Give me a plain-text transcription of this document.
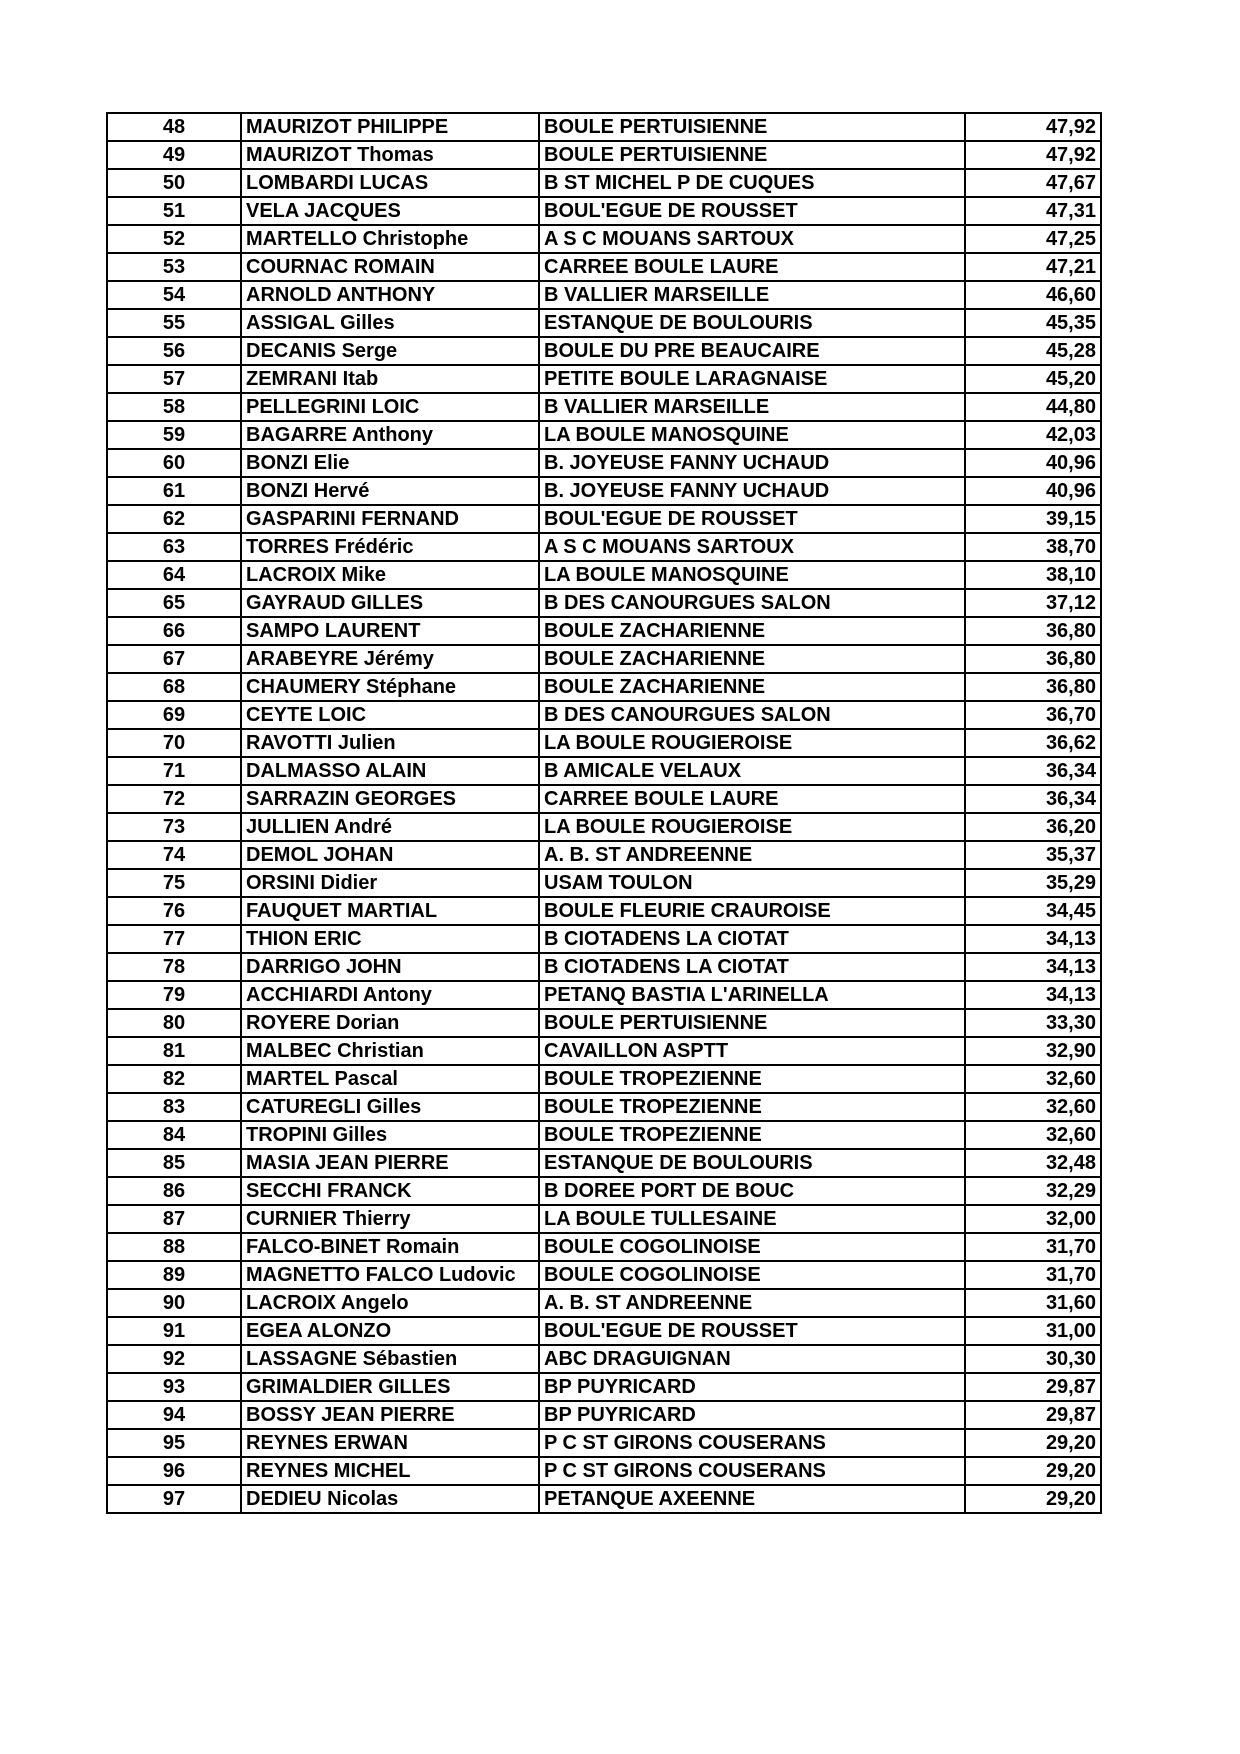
48	MAURIZOT PHILIPPE	BOULE PERTUISIENNE	47,92
49	MAURIZOT Thomas	BOULE PERTUISIENNE	47,92
50	LOMBARDI LUCAS	B ST MICHEL P DE CUQUES	47,67
51	VELA JACQUES	BOUL'EGUE DE ROUSSET	47,31
52	MARTELLO Christophe	A S C MOUANS SARTOUX	47,25
53	COURNAC ROMAIN	CARREE BOULE LAURE	47,21
54	ARNOLD ANTHONY	B VALLIER MARSEILLE	46,60
55	ASSIGAL Gilles	ESTANQUE DE BOULOURIS	45,35
56	DECANIS Serge	BOULE DU PRE BEAUCAIRE	45,28
57	ZEMRANI Itab	PETITE BOULE LARAGNAISE	45,20
58	PELLEGRINI LOIC	B VALLIER MARSEILLE	44,80
59	BAGARRE Anthony	LA BOULE MANOSQUINE	42,03
60	BONZI Elie	B. JOYEUSE FANNY UCHAUD	40,96
61	BONZI Hervé	B. JOYEUSE FANNY UCHAUD	40,96
62	GASPARINI FERNAND	BOUL'EGUE DE ROUSSET	39,15
63	TORRES Frédéric	A S C MOUANS SARTOUX	38,70
64	LACROIX Mike	LA BOULE MANOSQUINE	38,10
65	GAYRAUD GILLES	B DES CANOURGUES SALON	37,12
66	SAMPO LAURENT	BOULE ZACHARIENNE	36,80
67	ARABEYRE Jérémy	BOULE ZACHARIENNE	36,80
68	CHAUMERY Stéphane	BOULE ZACHARIENNE	36,80
69	CEYTE LOIC	B DES CANOURGUES SALON	36,70
70	RAVOTTI Julien	LA BOULE ROUGIEROISE	36,62
71	DALMASSO ALAIN	B AMICALE VELAUX	36,34
72	SARRAZIN GEORGES	CARREE BOULE LAURE	36,34
73	JULLIEN André	LA BOULE ROUGIEROISE	36,20
74	DEMOL JOHAN	A. B. ST ANDREENNE	35,37
75	ORSINI Didier	USAM TOULON	35,29
76	FAUQUET MARTIAL	BOULE FLEURIE CRAUROISE	34,45
77	THION ERIC	B CIOTADENS LA CIOTAT	34,13
78	DARRIGO JOHN	B CIOTADENS LA CIOTAT	34,13
79	ACCHIARDI Antony	PETANQ BASTIA L'ARINELLA	34,13
80	ROYERE Dorian	BOULE PERTUISIENNE	33,30
81	MALBEC Christian	CAVAILLON ASPTT	32,90
82	MARTEL Pascal	BOULE TROPEZIENNE	32,60
83	CATUREGLI Gilles	BOULE TROPEZIENNE	32,60
84	TROPINI Gilles	BOULE TROPEZIENNE	32,60
85	MASIA JEAN PIERRE	ESTANQUE DE BOULOURIS	32,48
86	SECCHI FRANCK	B DOREE PORT DE BOUC	32,29
87	CURNIER Thierry	LA BOULE TULLESAINE	32,00
88	FALCO-BINET Romain	BOULE COGOLINOISE	31,70
89	MAGNETTO FALCO Ludovic	BOULE COGOLINOISE	31,70
90	LACROIX Angelo	A. B. ST ANDREENNE	31,60
91	EGEA ALONZO	BOUL'EGUE DE ROUSSET	31,00
92	LASSAGNE Sébastien	ABC DRAGUIGNAN	30,30
93	GRIMALDIER GILLES	BP PUYRICARD	29,87
94	BOSSY JEAN PIERRE	BP PUYRICARD	29,87
95	REYNES ERWAN	P C ST GIRONS COUSERANS	29,20
96	REYNES MICHEL	P C ST GIRONS COUSERANS	29,20
97	DEDIEU Nicolas	PETANQUE AXEENNE	29,20
